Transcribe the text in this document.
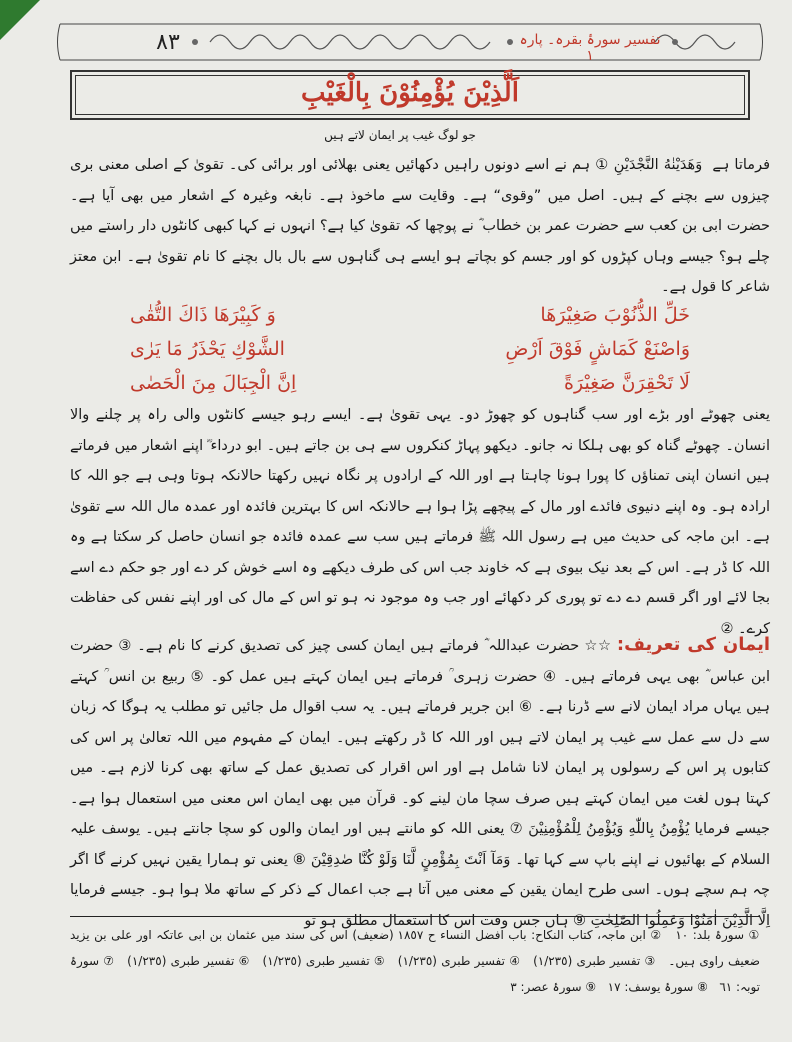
٨٣	تفسیر سورۂ بقرہ۔ پارہ ١
اَلَّذِيْنَ يُؤْمِنُوْنَ بِالْغَيْبِ
جو لوگ غیب پر ایمان لاتے ہیں
فرماتا ہے ‌ وَهَدَيْنٰهُ النَّجْدَيْنِ ① ہم نے اسے دونوں راہیں دکھائیں یعنی بھلائی اور برائی کی۔ تقویٰ کے اصلی معنی بری چیزوں سے بچنے کے ہیں۔ اصل میں ”وقوی“ ہے۔ وقایت سے ماخوذ ہے۔ نابغہ وغیرہ کے اشعار میں بھی آیا ہے۔ حضرت ابی بن کعب سے حضرت عمر بن خطاب ؓ نے پوچھا کہ تقویٰ کیا ہے؟ انہوں نے کہا کبھی کانٹوں دار راستے میں چلے ہو؟ جیسے وہاں کپڑوں کو اور جسم کو بچاتے ہو ایسے ہی گناہوں سے بال بال بچنے کا نام تقویٰ ہے۔ ابن معتز شاعر کا قول ہے۔
خَلِّ الذُّنُوْبَ صَغِيْرَهَا
وَ كَبِيْرَهَا ذَاكَ التُّقٰى
وَاصْنَعْ كَمَاشٍ فَوْقَ اَرْضِ
الشَّوْكِ يَحْذَرُ مَا يَرٰى
لَا تَحْقِرَنَّ صَغِيْرَةً
اِنَّ الْجِبَالَ مِنَ الْحَصٰى
یعنی چھوٹے اور بڑے اور سب گناہوں کو چھوڑ دو۔ یہی تقویٰ ہے۔ ایسے رہو جیسے کانٹوں والی راہ پر چلنے والا انسان۔ چھوٹے گناہ کو بھی ہلکا نہ جانو۔ دیکھو پہاڑ کنکروں سے ہی بن جاتے ہیں۔ ابو درداء ؓ اپنے اشعار میں فرماتے ہیں انسان اپنی تمناؤں کا پورا ہونا چاہتا ہے اور اللہ کے ارادوں پر نگاہ نہیں رکھتا حالانکہ ہوتا وہی ہے جو اللہ کا ارادہ ہو۔ وہ اپنے دنیوی فائدے اور مال کے پیچھے پڑا ہوا ہے حالانکہ اس کا بہترین فائدہ اور عمدہ مال اللہ سے تقویٰ ہے۔ ابن ماجہ کی حدیث میں ہے رسول اللہ ﷺ فرماتے ہیں سب سے عمدہ فائدہ جو انسان حاصل کر سکتا ہے وہ اللہ کا ڈر ہے۔ اس کے بعد نیک بیوی ہے کہ خاوند جب اس کی طرف دیکھے وہ اسے خوش کر دے اور جو حکم دے اسے بجا لائے اور اگر قسم دے دے تو پوری کر دکھائے اور جب وہ موجود نہ ہو تو اس کے مال کی اور اپنے نفس کی حفاظت کرے۔ ②
ایمان کی تعریف: ☆☆ حضرت عبداللہ ؓ فرماتے ہیں ایمان کسی چیز کی تصدیق کرنے کا نام ہے۔ ③ حضرت ابن عباس ؓ بھی یہی فرماتے ہیں۔ ④ حضرت زہری ؒ فرماتے ہیں ایمان کہتے ہیں عمل کو۔ ⑤ ربیع بن انس ؒ کہتے ہیں یہاں مراد ایمان لانے سے ڈرنا ہے۔ ⑥ ابن جریر فرماتے ہیں۔ یہ سب اقوال مل جائیں تو مطلب یہ ہوگا کہ زبان سے دل سے عمل سے غیب پر ایمان لاتے ہیں اور اللہ کا ڈر رکھتے ہیں۔ ایمان کے مفہوم میں اللہ تعالیٰ پر اس کی کتابوں پر اس کے رسولوں پر ایمان لانا شامل ہے اور اس اقرار کی تصدیق عمل کے ساتھ بھی کرنا لازم ہے۔ میں کہتا ہوں لغت میں ایمان کہتے ہیں صرف سچا مان لینے کو۔ قرآن میں بھی ایمان اس معنی میں استعمال ہوا ہے۔ جیسے فرمایا يُؤْمِنُ بِاللّٰهِ وَيُؤْمِنُ لِلْمُؤْمِنِيْنَ ⑦ یعنی اللہ کو مانتے ہیں اور ایمان والوں کو سچا جانتے ہیں۔ یوسف علیہ السلام کے بھائیوں نے اپنے باپ سے کہا تھا۔ وَمَآ اَنْتَ بِمُؤْمِنٍ لَّنَا وَلَوْ كُنَّا صٰدِقِيْنَ ⑧ یعنی تو ہمارا یقین نہیں کرنے گا اگر چہ ہم سچے ہوں۔ اسی طرح ایمان یقین کے معنی میں آتا ہے جب اعمال کے ذکر کے ساتھ ملا ہوا ہو۔ جیسے فرمایا اِلَّا الَّذِيْنَ اٰمَنُوْا وَعَمِلُوا الصّٰلِحٰتِ ⑨ ہاں جس وقت اس کا استعمال مطلق ہو تو
① سورۂ بلد: ١٠   ② ابن ماجہ، کتاب النکاح: باب افضل النساء ح ١٨٥٧ (ضعیف) اس کی سند میں عثمان بن ابی عاتکہ اور علی بن یزید ضعیف راوی ہیں۔   ③ تفسیر طبری (١/٢٣٥)   ④ تفسیر طبری (١/٢٣٥)   ⑤ تفسیر طبری (١/٢٣٥)   ⑥ تفسیر طبری (١/٢٣٥)   ⑦ سورۂ توبہ: ٦١   ⑧ سورۂ یوسف: ١٧   ⑨ سورۂ عصر: ٣
